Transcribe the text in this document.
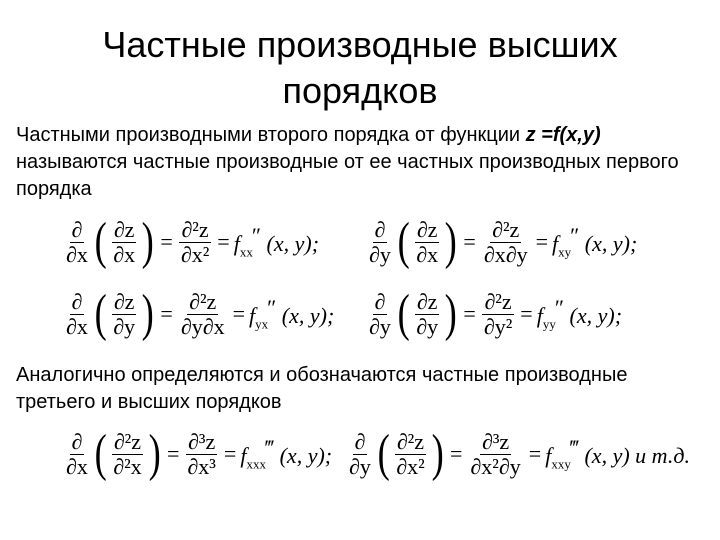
Частные производные высших
порядков
Частными производными второго порядка от функции z =f(x,y) называются частные производные от ее частных производных первого порядка
$\frac{\partial}{\partial x}$ ( $\frac{\partial z}{\partial x}$ ) = $\frac{\text{∂²z}}{\text{∂x²}} = f_{xx}''$ (x, y); $\frac{\partial}{\partial y}$ ( $\frac{\partial z}{\partial x}$ ) = $\frac{\text{∂²z}}{\partial x\partial y} = f_{xy}''$ (x, y);
$\frac{\partial}{\partial x}$ ( $\frac{\partial z}{\partial y}$ ) = $\frac{\text{∂²z}}{\partial y\partial x} = f_{yx}''$ (x, y); $\frac{\partial}{\partial y}$ ( $\frac{\partial z}{\partial y}$ ) = $\frac{\text{∂²z}}{\text{∂y²}} = f_{yy}''$ (x, y);
$\frac{\partial}{\partial x}$ ( $\frac{\text{∂²z}}{\text{∂²x}}$ ) = $\frac{\text{∂³z}}{\text{∂x³}}$ = $f_{xxx}‴$ (x, y); $\frac{\partial}{\partial y}$ ( $\frac{\text{∂²z}}{\text{∂x²}}$ ) = $\frac{\text{∂³z}}{\text{∂x²∂y}}$ = $f_{xxy}‴$ (x, y) и т.д.
Аналогично определяются и обозначаются частные производные третьего и высших порядков
